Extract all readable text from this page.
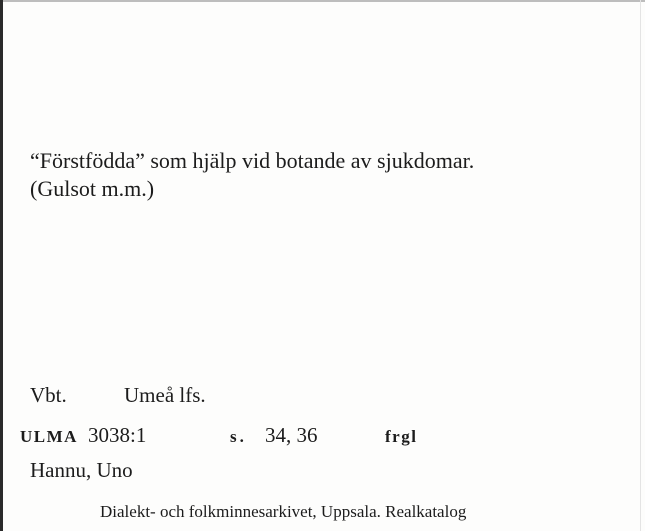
“Förstfödda” som hjälp vid botande av sjukdomar.
(Gulsot m.m.)
Vbt.	Umeå lfs.
ULMA 3038:1	s. 34, 36	frgl
Hannu, Uno
Dialekt- och folkminnesarkivet, Uppsala. Realkatalog
